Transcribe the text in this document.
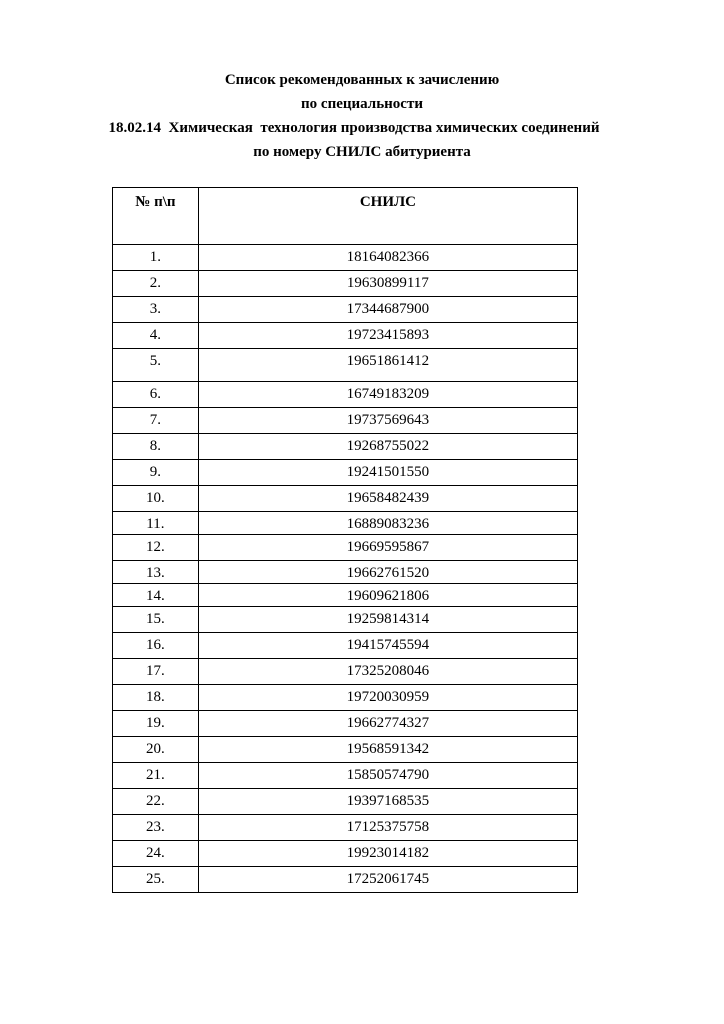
Список рекомендованных к зачислению
по специальности
18.02.14  Химическая  технология производства химических соединений
по номеру СНИЛС абитуриента
№ п\п	СНИЛС
1.	18164082366
2.	19630899117
3.	17344687900
4.	19723415893
5.	19651861412
6.	16749183209
7.	19737569643
8.	19268755022
9.	19241501550
10.	19658482439
11.	16889083236
12.	19669595867
13.	19662761520
14.	19609621806
15.	19259814314
16.	19415745594
17.	17325208046
18.	19720030959
19.	19662774327
20.	19568591342
21.	15850574790
22.	19397168535
23.	17125375758
24.	19923014182
25.	17252061745
